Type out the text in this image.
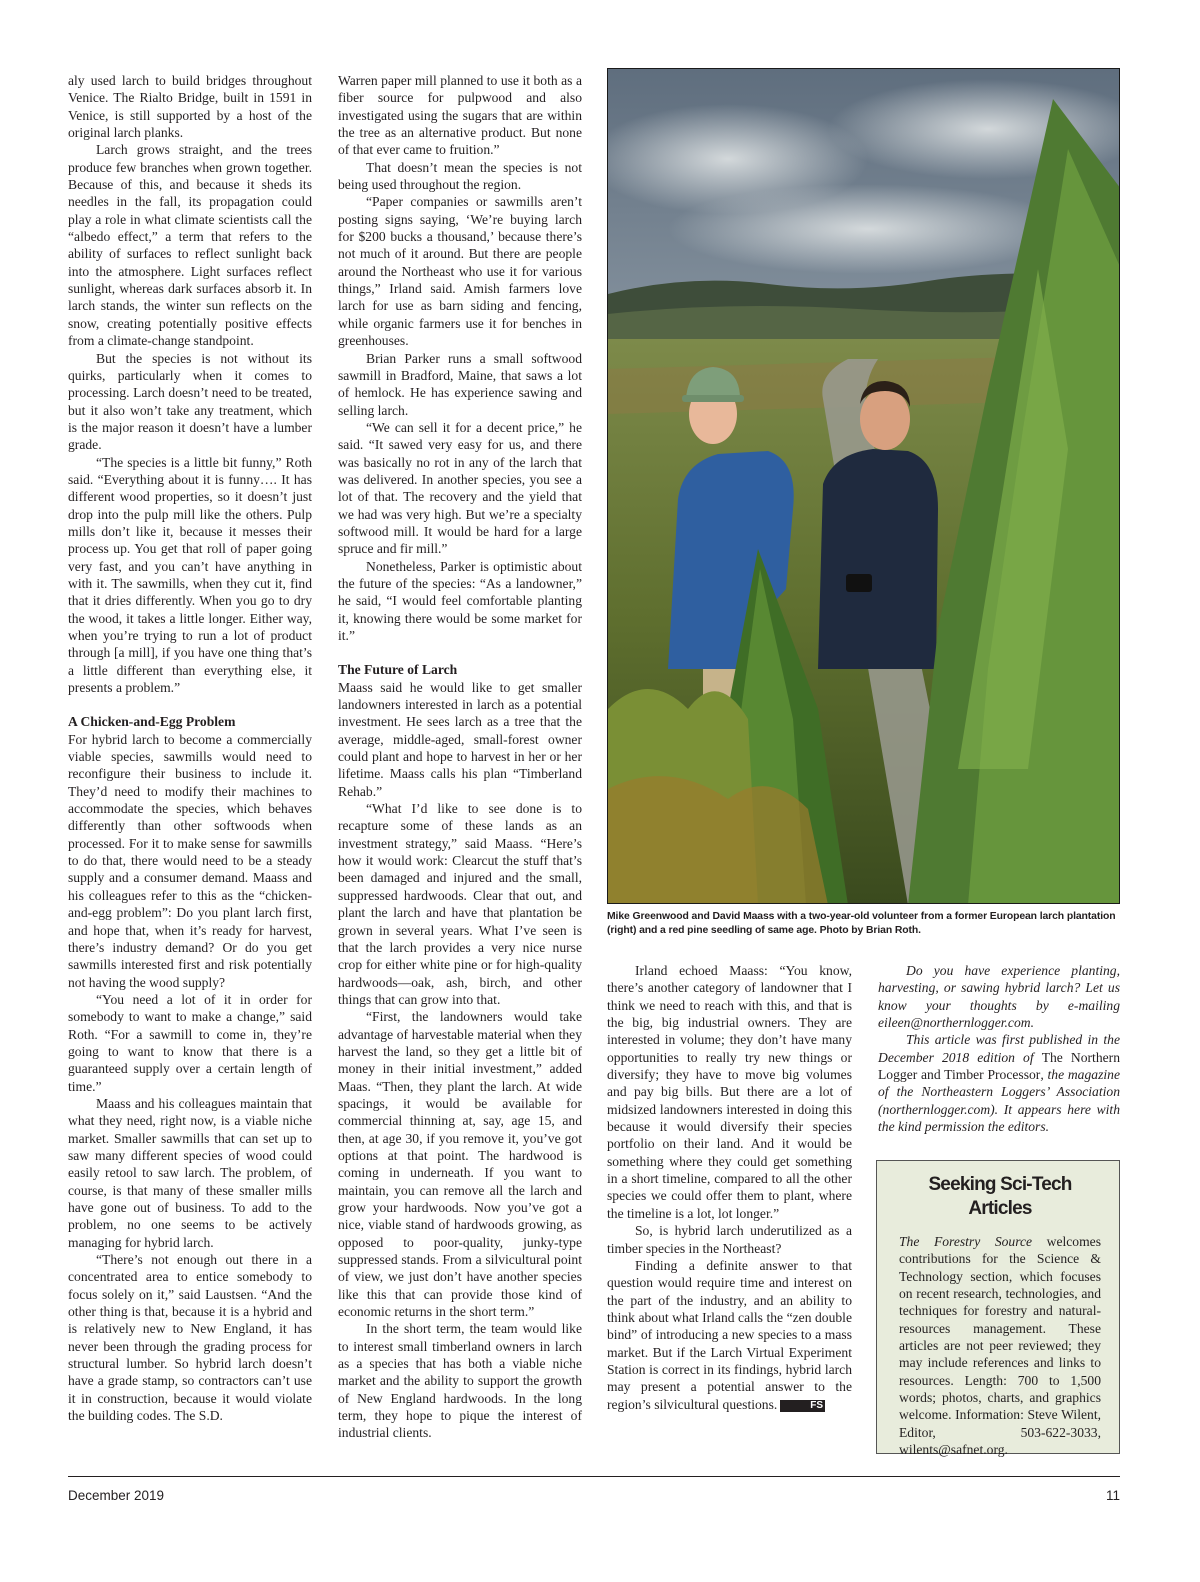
aly used larch to build bridges throughout Venice. The Rialto Bridge, built in 1591 in Venice, is still supported by a host of the original larch planks.

Larch grows straight, and the trees produce few branches when grown together. Because of this, and because it sheds its needles in the fall, its propagation could play a role in what climate scientists call the “albedo effect,” a term that refers to the ability of surfaces to reflect sunlight back into the atmosphere. Light surfaces reflect sunlight, whereas dark surfaces absorb it. In larch stands, the winter sun reflects on the snow, creating potentially positive effects from a climate-change standpoint.

But the species is not without its quirks, particularly when it comes to processing. Larch doesn’t need to be treated, but it also won’t take any treatment, which is the major reason it doesn’t have a lumber grade.

“The species is a little bit funny,” Roth said. “Everything about it is funny…. It has different wood properties, so it doesn’t just drop into the pulp mill like the others. Pulp mills don’t like it, because it messes their process up. You get that roll of paper going very fast, and you can’t have anything in with it. The sawmills, when they cut it, find that it dries differently. When you go to dry the wood, it takes a little longer. Either way, when you’re trying to run a lot of product through [a mill], if you have one thing that’s a little different than everything else, it presents a problem.”

A Chicken-and-Egg Problem

For hybrid larch to become a commercially viable species, sawmills would need to reconfigure their business to include it. They’d need to modify their machines to accommodate the species, which behaves differently than other softwoods when processed. For it to make sense for sawmills to do that, there would need to be a steady supply and a consumer demand. Maass and his colleagues refer to this as the “chicken-and-egg problem”: Do you plant larch first, and hope that, when it’s ready for harvest, there’s industry demand? Or do you get sawmills interested first and risk potentially not having the wood supply?

“You need a lot of it in order for somebody to want to make a change,” said Roth. “For a sawmill to come in, they’re going to want to know that there is a guaranteed supply over a certain length of time.”

Maass and his colleagues maintain that what they need, right now, is a viable niche market. Smaller sawmills that can set up to saw many different species of wood could easily retool to saw larch. The problem, of course, is that many of these smaller mills have gone out of business. To add to the problem, no one seems to be actively managing for hybrid larch.

“There’s not enough out there in a concentrated area to entice somebody to focus solely on it,” said Laustsen. “And the other thing is that, because it is a hybrid and is relatively new to New England, it has never been through the grading process for structural lumber. So hybrid larch doesn’t have a grade stamp, so contractors can’t use it in construction, because it would violate the building codes. The S.D.

Warren paper mill planned to use it both as a fiber source for pulpwood and also investigated using the sugars that are within the tree as an alternative product. But none of that ever came to fruition.”

That doesn’t mean the species is not being used throughout the region.

“Paper companies or sawmills aren’t posting signs saying, ‘We’re buying larch for $200 bucks a thousand,’ because there’s not much of it around. But there are people around the Northeast who use it for various things,” Irland said. Amish farmers love larch for use as barn siding and fencing, while organic farmers use it for benches in greenhouses.

Brian Parker runs a small softwood sawmill in Bradford, Maine, that saws a lot of hemlock. He has experience sawing and selling larch.

“We can sell it for a decent price,” he said. “It sawed very easy for us, and there was basically no rot in any of the larch that was delivered. In another species, you see a lot of that. The recovery and the yield that we had was very high. But we’re a specialty softwood mill. It would be hard for a large spruce and fir mill.”

Nonetheless, Parker is optimistic about the future of the species: “As a landowner,” he said, “I would feel comfortable planting it, knowing there would be some market for it.”

The Future of Larch

Maass said he would like to get smaller landowners interested in larch as a potential investment. He sees larch as a tree that the average, middle-aged, small-forest owner could plant and hope to harvest in her or her lifetime. Maass calls his plan “Timberland Rehab.”

“What I’d like to see done is to recapture some of these lands as an investment strategy,” said Maass. “Here’s how it would work: Clearcut the stuff that’s been damaged and injured and the small, suppressed hardwoods. Clear that out, and plant the larch and have that plantation be grown in several years. What I’ve seen is that the larch provides a very nice nurse crop for either white pine or for high-quality hardwoods—oak, ash, birch, and other things that can grow into that.

“First, the landowners would take advantage of harvestable material when they harvest the land, so they get a little bit of money in their initial investment,” added Maas. “Then, they plant the larch. At wide spacings, it would be available for commercial thinning at, say, age 15, and then, at age 30, if you remove it, you’ve got options at that point. The hardwood is coming in underneath. If you want to maintain, you can remove all the larch and grow your hardwoods. Now you’ve got a nice, viable stand of hardwoods growing, as opposed to poor-quality, junky-type suppressed stands. From a silvicultural point of view, we just don’t have another species like this that can provide those kind of economic returns in the short term.”

In the short term, the team would like to interest small timberland owners in larch as a species that has both a viable niche market and the ability to support the growth of New England hardwoods. In the long term, they hope to pique the interest of industrial clients.

Mike Greenwood and David Maass with a two-year-old volunteer from a former European larch plantation (right) and a red pine seedling of same age. Photo by Brian Roth.

Irland echoed Maass: “You know, there’s another category of landowner that I think we need to reach with this, and that is the big, big industrial owners. They are interested in volume; they don’t have many opportunities to really try new things or diversify; they have to move big volumes and pay big bills. But there are a lot of midsized landowners interested in doing this because it would diversify their species portfolio on their land. And it would be something where they could get something in a short timeline, compared to all the other species we could offer them to plant, where the timeline is a lot, lot longer.”

So, is hybrid larch underutilized as a timber species in the Northeast?

Finding a definite answer to that question would require time and interest on the part of the industry, and an ability to think about what Irland calls the “zen double bind” of introducing a new species to a mass market. But if the Larch Virtual Experiment Station is correct in its findings, hybrid larch may present a potential answer to the region’s silvicultural questions.	FS

Do you have experience planting, harvesting, or sawing hybrid larch? Let us know your thoughts by e-mailing eileen@northernlogger.com.

This article was first published in the December 2018 edition of The Northern Logger and Timber Processor, the magazine of the Northeastern Loggers’ Association (northernlogger.com). It appears here with the kind permission the editors.

Seeking Sci-Tech Articles

The Forestry Source welcomes contributions for the Science & Technology section, which focuses on recent research, technologies, and techniques for forestry and natural-resources management. These articles are not peer reviewed; they may include references and links to resources. Length: 700 to 1,500 words; photos, charts, and graphics welcome. Information: Steve Wilent, Editor, 503-622-3033, wilents@safnet.org.

December 2019	11
